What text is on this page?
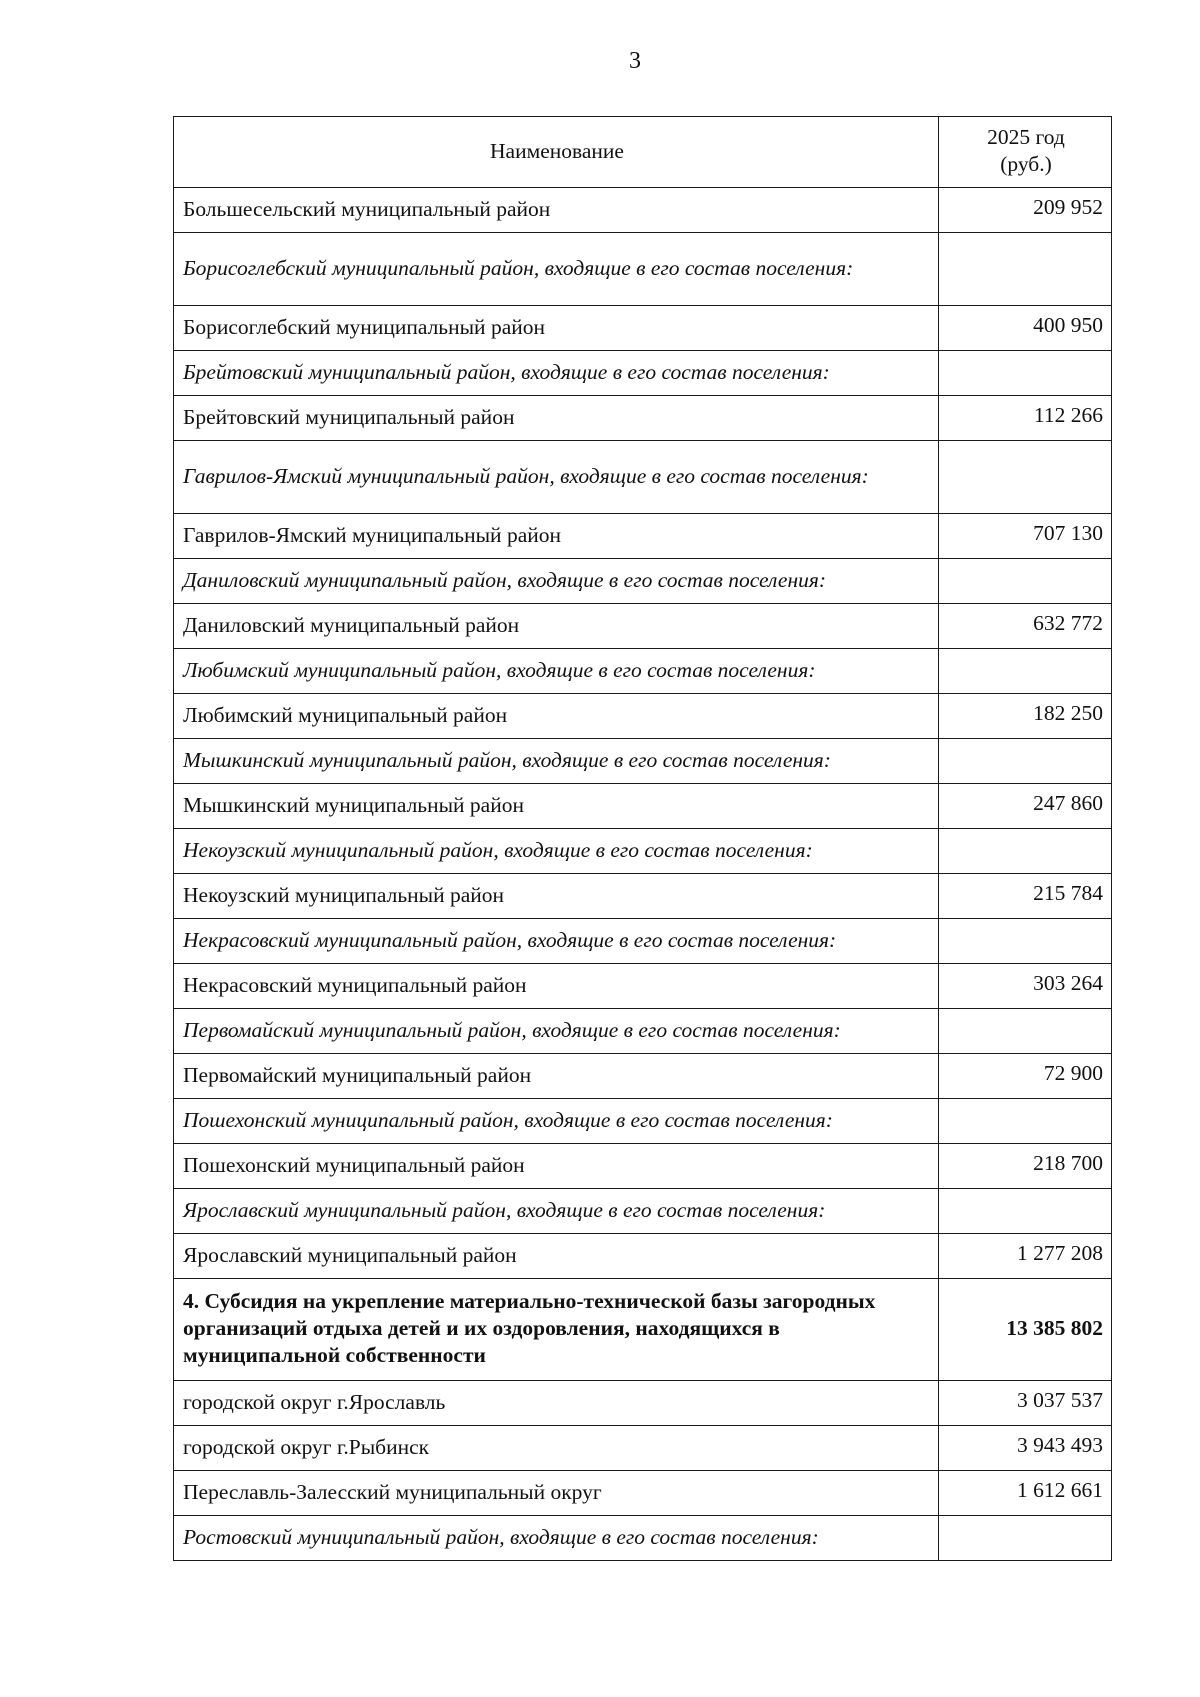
3
Наименование	2025 год
(руб.)
Большесельский муниципальный район	209 952
Борисоглебский муниципальный район, входящие в его состав поселения:	
Борисоглебский муниципальный район	400 950
Брейтовский муниципальный район, входящие в его состав поселения:	
Брейтовский муниципальный район	112 266
Гаврилов-Ямский муниципальный район, входящие в его состав поселения:	
Гаврилов-Ямский муниципальный район	707 130
Даниловский муниципальный район, входящие в его состав поселения:	
Даниловский муниципальный район	632 772
Любимский муниципальный район, входящие в его состав поселения:	
Любимский муниципальный район	182 250
Мышкинский муниципальный район, входящие в его состав поселения:	
Мышкинский муниципальный район	247 860
Некоузский муниципальный район, входящие в его состав поселения:	
Некоузский муниципальный район	215 784
Некрасовский муниципальный район, входящие в его состав поселения:	
Некрасовский муниципальный район	303 264
Первомайский муниципальный район, входящие в его состав поселения:	
Первомайский муниципальный район	72 900
Пошехонский муниципальный район, входящие в его состав поселения:	
Пошехонский муниципальный район	218 700
Ярославский муниципальный район, входящие в его состав поселения:	
Ярославский муниципальный район	1 277 208
4. Субсидия на укрепление материально-технической базы загородных организаций отдыха детей и их оздоровления, находящихся в муниципальной собственности	13 385 802
городской округ г.Ярославль	3 037 537
городской округ г.Рыбинск	3 943 493
Переславль-Залесский муниципальный округ	1 612 661
Ростовский муниципальный район, входящие в его состав поселения:	
